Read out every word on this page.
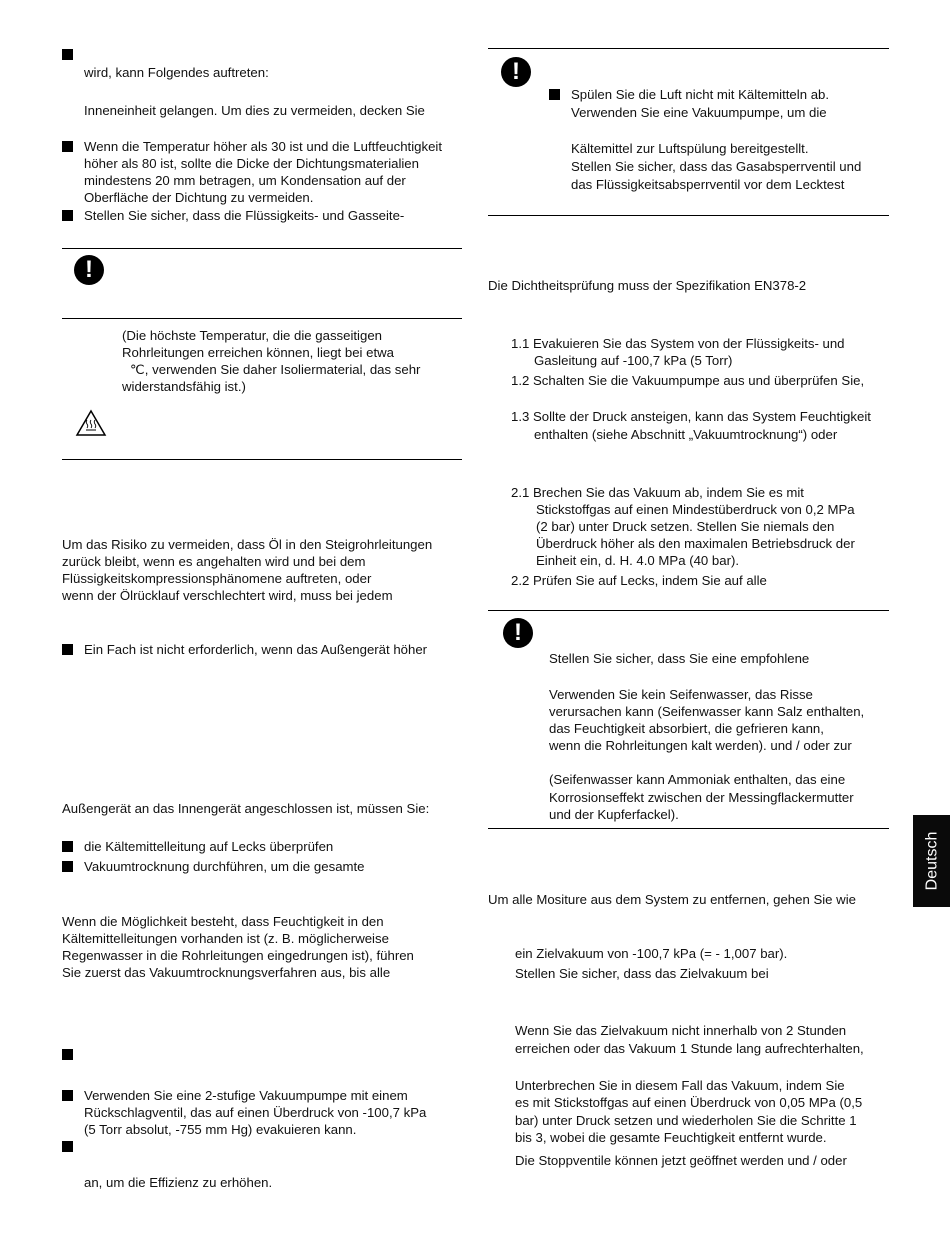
wird, kann Folgendes auftreten:
Inneneinheit gelangen. Um dies zu vermeiden, decken Sie
Wenn die Temperatur höher als 30 ist und die Luftfeuchtigkeit
höher als 80 ist, sollte die Dicke der Dichtungsmaterialien
mindestens 20 mm betragen, um Kondensation auf der
Oberfläche der Dichtung zu vermeiden.
Stellen Sie sicher, dass die Flüssigkeits- und Gasseite-
!
(Die höchste Temperatur, die die gasseitigen
Rohrleitungen erreichen können, liegt bei etwa
℃, verwenden Sie daher Isoliermaterial, das sehr
widerstandsfähig ist.)
Um das Risiko zu vermeiden, dass Öl in den Steigrohrleitungen
zurück bleibt, wenn es angehalten wird und bei dem
Flüssigkeitskompressionsphänomene auftreten, oder
wenn der Ölrücklauf verschlechtert wird, muss bei jedem
Ein Fach ist nicht erforderlich, wenn das Außengerät höher
Außengerät an das Innengerät angeschlossen ist, müssen Sie:
die Kältemittelleitung auf Lecks überprüfen
Vakuumtrocknung durchführen, um die gesamte
Wenn die Möglichkeit besteht, dass Feuchtigkeit in den
Kältemittelleitungen vorhanden ist (z. B. möglicherweise
Regenwasser in die Rohrleitungen eingedrungen ist), führen
Sie zuerst das Vakuumtrocknungsverfahren aus, bis alle
Verwenden Sie eine 2-stufige Vakuumpumpe mit einem
Rückschlagventil, das auf einen Überdruck von -100,7 kPa
(5 Torr absolut, -755 mm Hg) evakuieren kann.
an, um die Effizienz zu erhöhen.
!
Spülen Sie die Luft nicht mit Kältemitteln ab.
Verwenden Sie eine Vakuumpumpe, um die
Kältemittel zur Luftspülung bereitgestellt.
Stellen Sie sicher, dass das Gasabsperrventil und
das Flüssigkeitsabsperrventil vor dem Lecktest
Die Dichtheitsprüfung muss der Spezifikation EN378-2
1.1 Evakuieren Sie das System von der Flüssigkeits- und
Gasleitung auf -100,7 kPa (5 Torr)
1.2 Schalten Sie die Vakuumpumpe aus und überprüfen Sie,
1.3 Sollte der Druck ansteigen, kann das System Feuchtigkeit
enthalten (siehe Abschnitt „Vakuumtrocknung“) oder
2.1 Brechen Sie das Vakuum ab, indem Sie es mit
Stickstoffgas auf einen Mindestüberdruck von 0,2 MPa
(2 bar) unter Druck setzen. Stellen Sie niemals den
Überdruck höher als den maximalen Betriebsdruck der
Einheit ein, d. H. 4.0 MPa (40 bar).
2.2 Prüfen Sie auf Lecks, indem Sie auf alle
!
Stellen Sie sicher, dass Sie eine empfohlene
Verwenden Sie kein Seifenwasser, das Risse
verursachen kann (Seifenwasser kann Salz enthalten,
das Feuchtigkeit absorbiert, die gefrieren kann,
wenn die Rohrleitungen kalt werden). und / oder zur
(Seifenwasser kann Ammoniak enthalten, das eine
Korrosionseffekt zwischen der Messingflackermutter
und der Kupferfackel).
Um alle Mositure aus dem System zu entfernen, gehen Sie wie
ein Zielvakuum von -100,7 kPa (= - 1,007 bar).
Stellen Sie sicher, dass das Zielvakuum bei
Wenn Sie das Zielvakuum nicht innerhalb von 2 Stunden
erreichen oder das Vakuum 1 Stunde lang aufrechterhalten,
Unterbrechen Sie in diesem Fall das Vakuum, indem Sie
es mit Stickstoffgas auf einen Überdruck von 0,05 MPa (0,5
bar) unter Druck setzen und wiederholen Sie die Schritte 1
bis 3, wobei die gesamte Feuchtigkeit entfernt wurde.
Die Stoppventile können jetzt geöffnet werden und / oder
Deutsch
